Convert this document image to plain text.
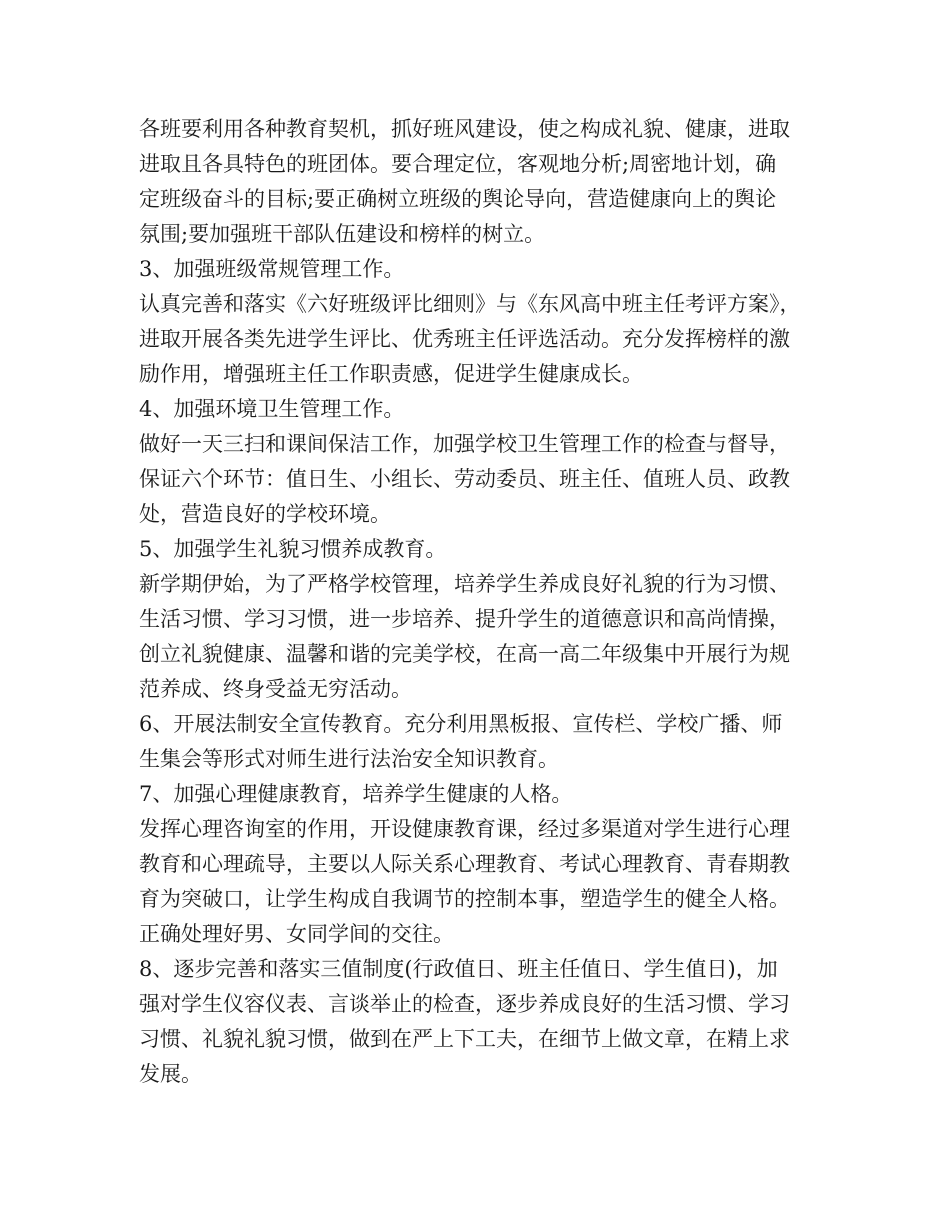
各班要利用各种教育契机，抓好班风建设，使之构成礼貌、健康，进取
进取且各具特色的班团体。要合理定位，客观地分析;周密地计划，确
定班级奋斗的目标;要正确树立班级的舆论导向，营造健康向上的舆论
氛围;要加强班干部队伍建设和榜样的树立。
3、加强班级常规管理工作。
认真完善和落实《六好班级评比细则》与《东风高中班主任考评方案》，
进取开展各类先进学生评比、优秀班主任评选活动。充分发挥榜样的激
励作用，增强班主任工作职责感，促进学生健康成长。
4、加强环境卫生管理工作。
做好一天三扫和课间保洁工作，加强学校卫生管理工作的检查与督导，
保证六个环节：值日生、小组长、劳动委员、班主任、值班人员、政教
处，营造良好的学校环境。
5、加强学生礼貌习惯养成教育。
新学期伊始，为了严格学校管理，培养学生养成良好礼貌的行为习惯、
生活习惯、学习习惯，进一步培养、提升学生的道德意识和高尚情操，
创立礼貌健康、温馨和谐的完美学校，在高一高二年级集中开展行为规
范养成、终身受益无穷活动。
6、开展法制安全宣传教育。充分利用黑板报、宣传栏、学校广播、师
生集会等形式对师生进行法治安全知识教育。
7、加强心理健康教育，培养学生健康的人格。
发挥心理咨询室的作用，开设健康教育课，经过多渠道对学生进行心理
教育和心理疏导，主要以人际关系心理教育、考试心理教育、青春期教
育为突破口，让学生构成自我调节的控制本事，塑造学生的健全人格。
正确处理好男、女同学间的交往。
8、逐步完善和落实三值制度(行政值日、班主任值日、学生值日)，加
强对学生仪容仪表、言谈举止的检查，逐步养成良好的生活习惯、学习
习惯、礼貌礼貌习惯，做到在严上下工夫，在细节上做文章，在精上求
发展。
